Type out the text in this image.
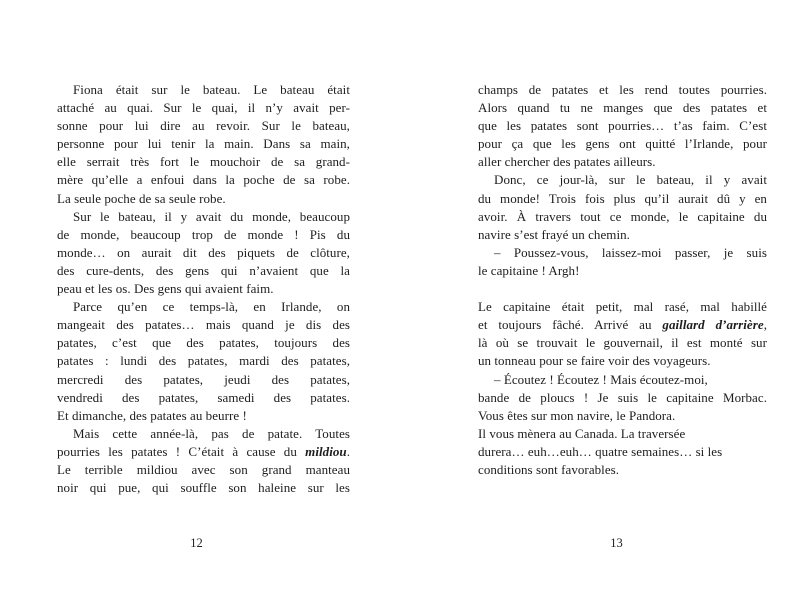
Fiona était sur le bateau. Le bateau était
attaché au quai. Sur le quai, il n’y avait per-
sonne pour lui dire au revoir. Sur le bateau,
personne pour lui tenir la main. Dans sa main,
elle serrait très fort le mouchoir de sa grand-
mère qu’elle a enfoui dans la poche de sa robe.
La seule poche de sa seule robe.
Sur le bateau, il y avait du monde, beaucoup
de monde, beaucoup trop de monde ! Pis du
monde… on aurait dit des piquets de clôture,
des cure-dents, des gens qui n’avaient que la
peau et les os. Des gens qui avaient faim.
Parce qu’en ce temps-là, en Irlande, on
mangeait des patates… mais quand je dis des
patates, c’est que des patates, toujours des
patates : lundi des patates, mardi des patates,
mercredi des patates, jeudi des patates,
vendredi des patates, samedi des patates.
Et dimanche, des patates au beurre !
Mais cette année-là, pas de patate. Toutes
pourries les patates ! C’était à cause du mildiou.
Le terrible mildiou avec son grand manteau
noir qui pue, qui souffle son haleine sur les
champs de patates et les rend toutes pourries.
Alors quand tu ne manges que des patates et
que les patates sont pourries… t’as faim. C’est
pour ça que les gens ont quitté l’Irlande, pour
aller chercher des patates ailleurs.
Donc, ce jour-là, sur le bateau, il y avait
du monde! Trois fois plus qu’il aurait dû y en
avoir. À travers tout ce monde, le capitaine du
navire s’est frayé un chemin.
– Poussez-vous, laissez-moi passer, je suis
le capitaine ! Argh!
Le capitaine était petit, mal rasé, mal habillé
et toujours fâché. Arrivé au gaillard d’arrière,
là où se trouvait le gouvernail, il est monté sur
un tonneau pour se faire voir des voyageurs.
– Écoutez ! Écoutez ! Mais écoutez-moi,
bande de ploucs ! Je suis le capitaine Morbac.
Vous êtes sur mon navire, le Pandora.
Il vous mènera au Canada. La traversée
durera… euh…euh… quatre semaines… si les
conditions sont favorables.
12	13
